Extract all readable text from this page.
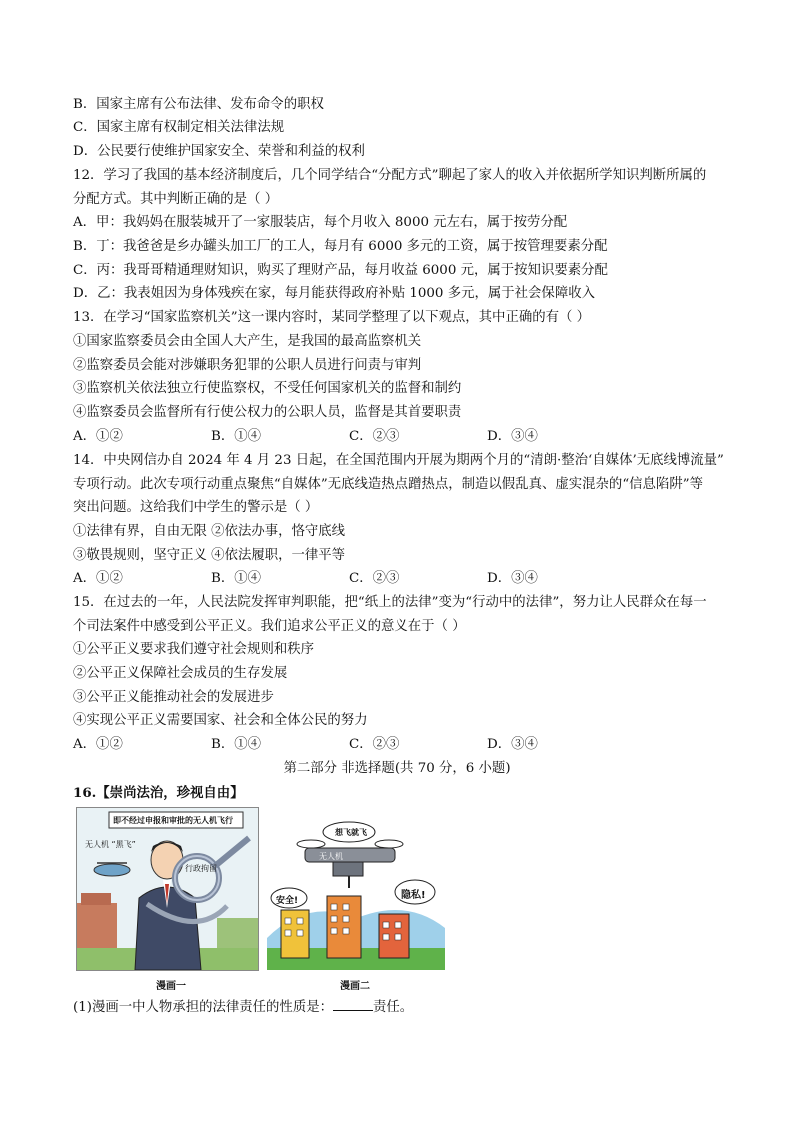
B．国家主席有公布法律、发布命令的职权
C．国家主席有权制定相关法律法规
D．公民要行使维护国家安全、荣誉和利益的权利
12．学习了我国的基本经济制度后，几个同学结合“分配方式”聊起了家人的收入并依据所学知识判断所属的
分配方式。其中判断正确的是（ ）
A．甲：我妈妈在服装城开了一家服装店，每个月收入 8000 元左右，属于按劳分配
B．丁：我爸爸是乡办罐头加工厂的工人，每月有 6000 多元的工资，属于按管理要素分配
C．丙：我哥哥精通理财知识，购买了理财产品，每月收益 6000 元，属于按知识要素分配
D．乙：我表姐因为身体残疾在家，每月能获得政府补贴 1000 多元，属于社会保障收入
13．在学习“国家监察机关”这一课内容时，某同学整理了以下观点，其中正确的有（ ）
①国家监察委员会由全国人大产生，是我国的最高监察机关
②监察委员会能对涉嫌职务犯罪的公职人员进行问责与审判
③监察机关依法独立行使监察权，不受任何国家机关的监督和制约
④监察委员会监督所有行使公权力的公职人员，监督是其首要职责
A．①②	B．①④	C．②③	D．③④
14．中央网信办自 2024 年 4 月 23 日起，在全国范围内开展为期两个月的“清朗·整治‘自媒体’无底线博流量”
专项行动。此次专项行动重点聚焦“自媒体”无底线造热点蹭热点，制造以假乱真、虚实混杂的“信息陷阱”等
突出问题。这给我们中学生的警示是（ ）
①法律有界，自由无限 ②依法办事，恪守底线
③敬畏规则，坚守正义 ④依法履职，一律平等
A．①②	B．①④	C．②③	D．③④
15．在过去的一年，人民法院发挥审判职能，把“纸上的法律”变为“行动中的法律”，努力让人民群众在每一
个司法案件中感受到公平正义。我们追求公平正义的意义在于（ ）
①公平正义要求我们遵守社会规则和秩序
②公平正义保障社会成员的生存发展
③公平正义能推动社会的发展进步
④实现公平正义需要国家、社会和全体公民的努力
A．①②	B．①④	C．②③	D．③④
第二部分 非选择题(共 70 分，6 小题)
16.【崇尚法治，珍视自由】
即不经过申报和审批的无人机飞行
无人机 “黑飞”
行政拘留
漫画一
想飞就飞
无人机
安全!	隐私!
漫画二
(1)漫画一中人物承担的法律责任的性质是：	责任。
